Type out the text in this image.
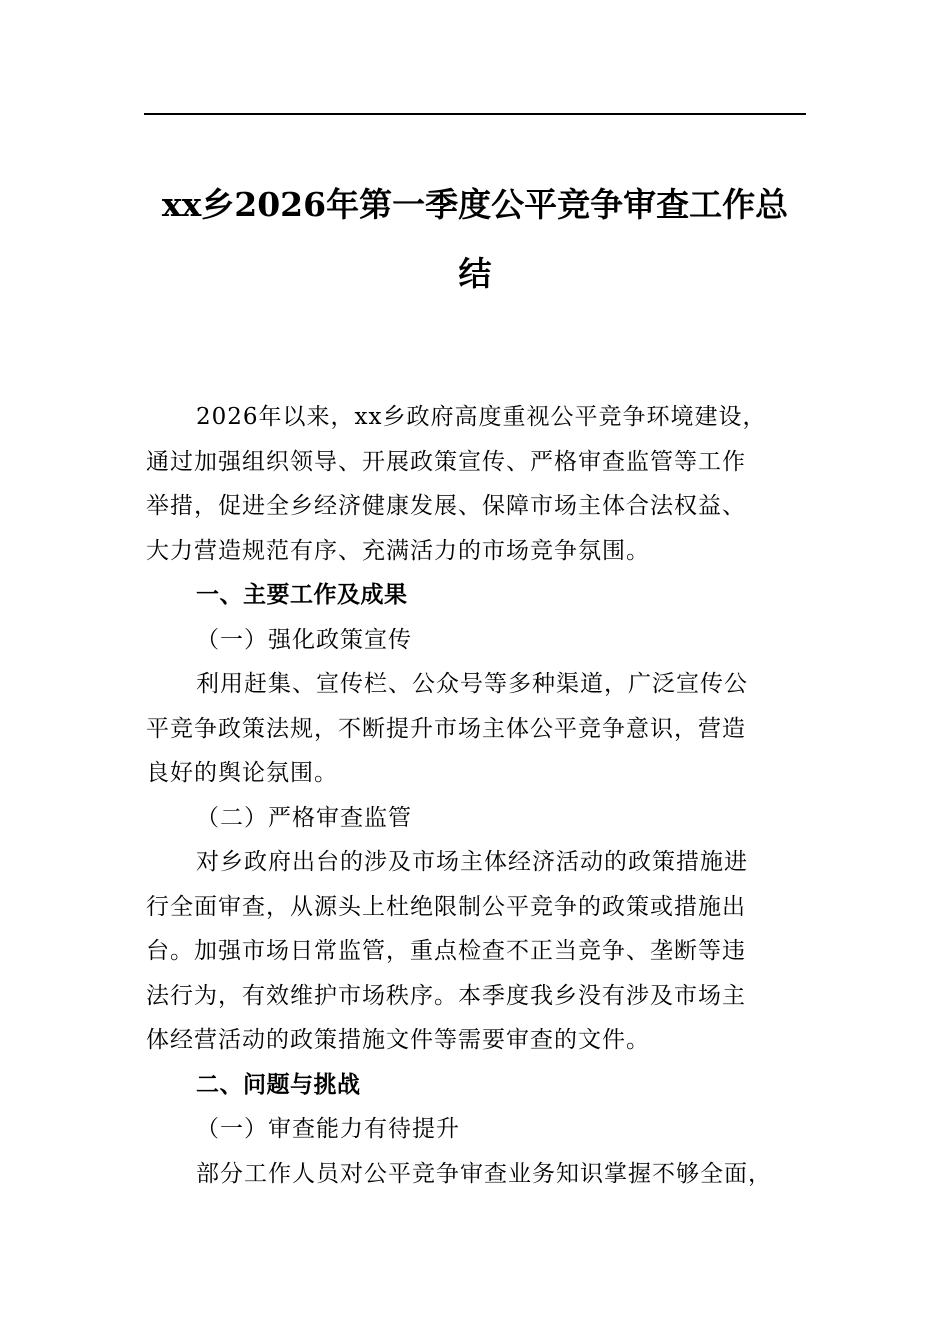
xx乡2026年第一季度公平竞争审查工作总
结

2026年以来，xx乡政府高度重视公平竞争环境建设，
通过加强组织领导、开展政策宣传、严格审查监管等工作
举措，促进全乡经济健康发展、保障市场主体合法权益、
大力营造规范有序、充满活力的市场竞争氛围。

一、主要工作及成果
（一）强化政策宣传

利用赶集、宣传栏、公众号等多种渠道，广泛宣传公
平竞争政策法规，不断提升市场主体公平竞争意识，营造
良好的舆论氛围。

（二）严格审查监管

对乡政府出台的涉及市场主体经济活动的政策措施进
行全面审查，从源头上杜绝限制公平竞争的政策或措施出
台。加强市场日常监管，重点检查不正当竞争、垄断等违
法行为，有效维护市场秩序。本季度我乡没有涉及市场主
体经营活动的政策措施文件等需要审查的文件。

二、问题与挑战
（一）审查能力有待提升

部分工作人员对公平竞争审查业务知识掌握不够全面，
